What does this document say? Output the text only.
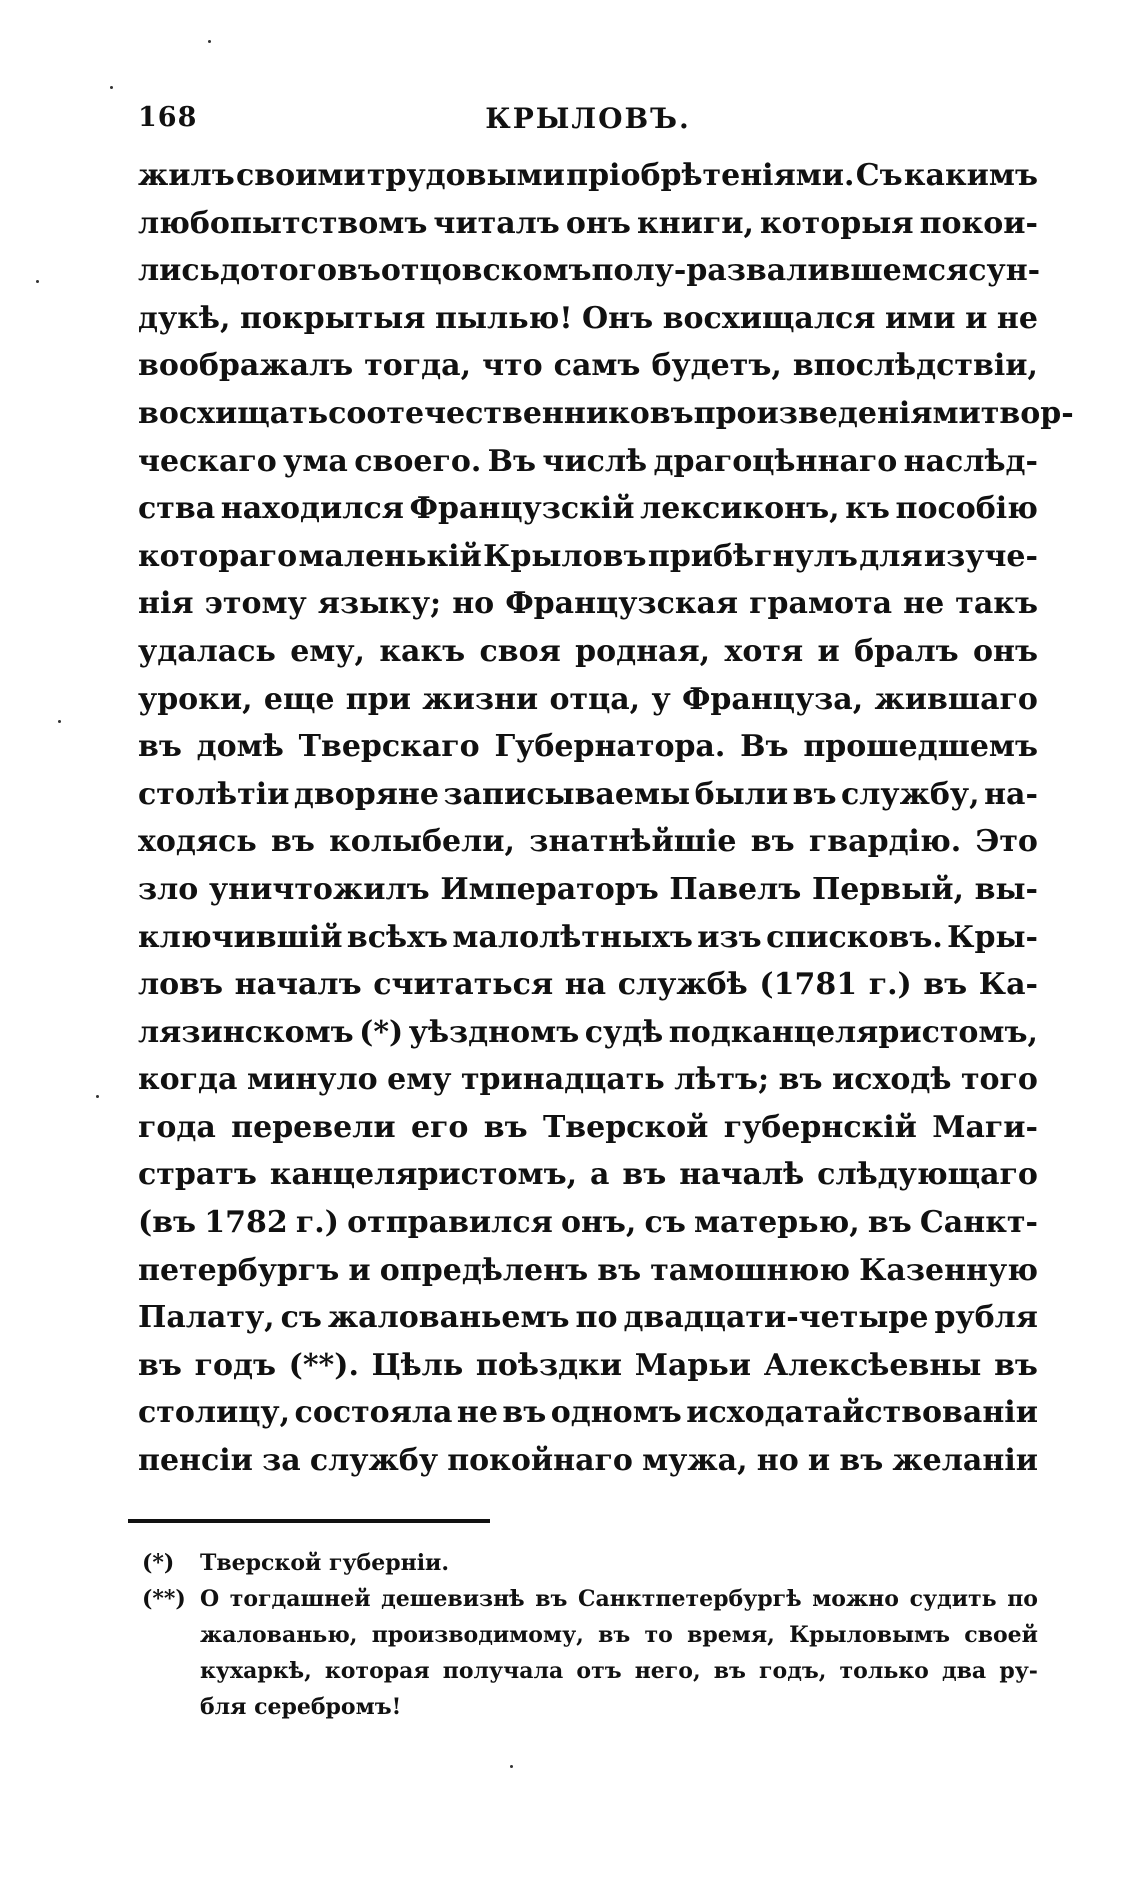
КРЫЛОВЪ.
168
жилъ своими трудовыми пріобрѣтеніями. Съ какимъ
любопытствомъ читалъ онъ книги, которыя покои-
лись до того въ отцовскомъ полу-развалившемся сун-
дукѣ, покрытыя пылью! Онъ восхищался ими и не
воображалъ тогда, что самъ будетъ, впослѣдствіи,
восхищать соотечественниковъ произведеніями твор-
ческаго ума своего. Въ числѣ драгоцѣннаго наслѣд-
ства находился Французскій лексиконъ, къ пособію
котораго маленькій Крыловъ прибѣгнулъ для изуче-
нія этому языку; но Французская грамота не такъ
удалась ему, какъ своя родная, хотя и бралъ онъ
уроки, еще при жизни отца, у Француза, жившаго
въ домѣ Тверскаго Губернатора. Въ прошедшемъ
столѣтіи дворяне записываемы были въ службу, на-
ходясь въ колыбели, знатнѣйшіе въ гвардію. Это
зло уничтожилъ Императоръ Павелъ Первый, вы-
ключившій всѣхъ малолѣтныхъ изъ списковъ. Кры-
ловъ началъ считаться на службѣ (1781 г.) въ Ка-
лязинскомъ (*) уѣздномъ судѣ подканцеляристомъ,
когда минуло ему тринадцать лѣтъ; въ исходѣ того
года перевели его въ Тверской губернскій Маги-
стратъ канцеляристомъ, а въ началѣ слѣдующаго
(въ 1782 г.) отправился онъ, съ матерью, въ Санкт-
петербургъ и опредѣленъ въ тамошнюю Казенную
Палату, съ жалованьемъ по двадцати-четыре рубля
въ годъ (**). Цѣль поѣздки Марьи Алексѣевны въ
столицу, состояла не въ одномъ исходатайствованіи
пенсіи за службу покойнаго мужа, но и въ желаніи
(*)	Тверской губерніи.
(**) О тогдашней дешевизнѣ въ Санктпетербургѣ можно судить по
жалованью, производимому, въ то время, Крыловымъ своей
кухаркѣ, которая получала отъ него, въ годъ, только два ру-
бля серебромъ!
